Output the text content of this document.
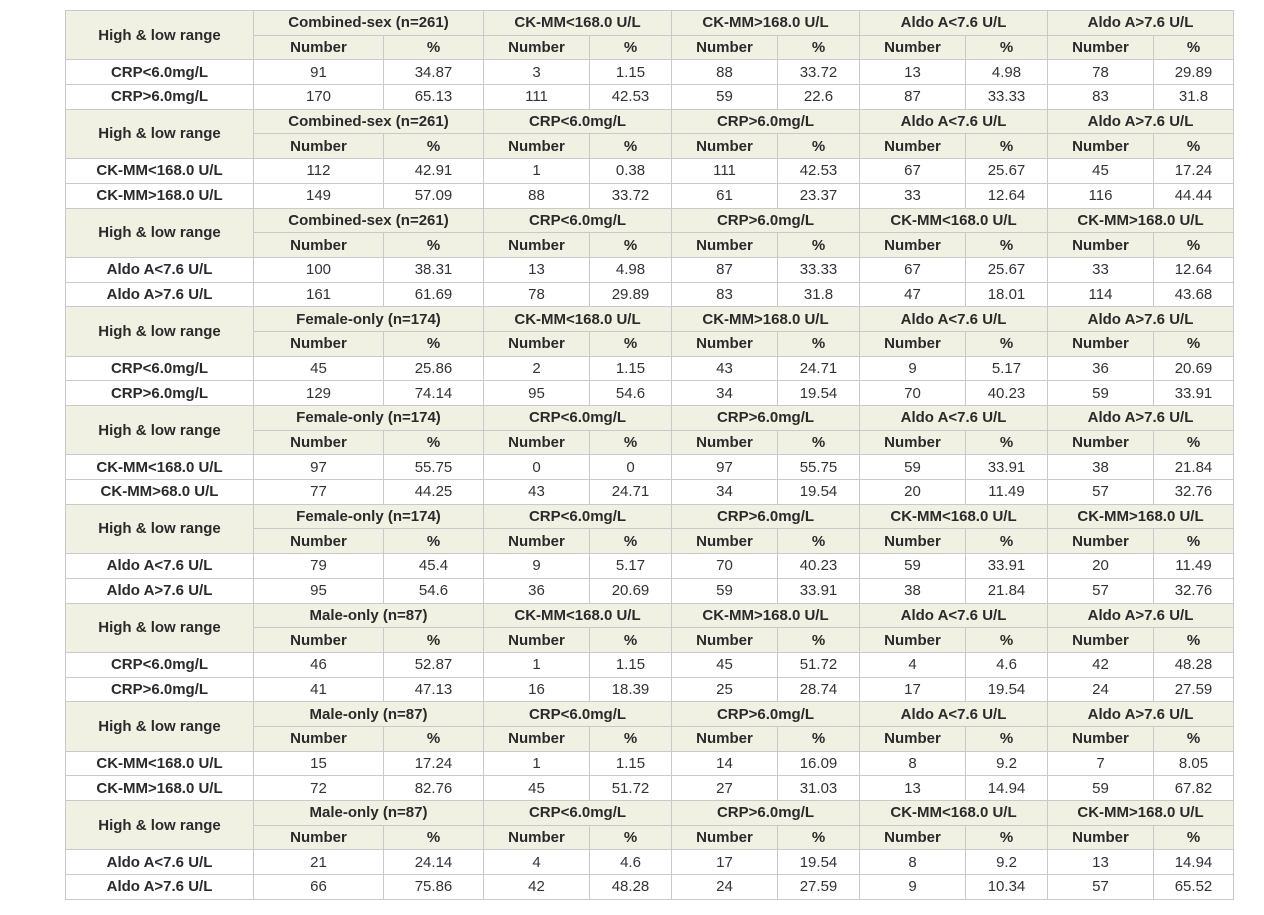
High & low range	Combined-sex (n=261)		CK-MM<168.0 U/L		CK-MM>168.0 U/L		Aldo A<7.6 U/L		Aldo A>7.6 U/L	
	Number	%	Number	%	Number	%	Number	%	Number	%
CRP<6.0mg/L	91	34.87	3	1.15	88	33.72	13	4.98	78	29.89
CRP>6.0mg/L	170	65.13	111	42.53	59	22.6	87	33.33	83	31.8
High & low range	Combined-sex (n=261)		CRP<6.0mg/L		CRP>6.0mg/L		Aldo A<7.6 U/L		Aldo A>7.6 U/L	
	Number	%	Number	%	Number	%	Number	%	Number	%
CK-MM<168.0 U/L	112	42.91	1	0.38	111	42.53	67	25.67	45	17.24
CK-MM>168.0 U/L	149	57.09	88	33.72	61	23.37	33	12.64	116	44.44
High & low range	Combined-sex (n=261)		CRP<6.0mg/L		CRP>6.0mg/L		CK-MM<168.0 U/L		CK-MM>168.0 U/L	
	Number	%	Number	%	Number	%	Number	%	Number	%
Aldo A<7.6 U/L	100	38.31	13	4.98	87	33.33	67	25.67	33	12.64
Aldo A>7.6 U/L	161	61.69	78	29.89	83	31.8	47	18.01	114	43.68
High & low range	Female-only (n=174)		CK-MM<168.0 U/L		CK-MM>168.0 U/L		Aldo A<7.6 U/L		Aldo A>7.6 U/L	
	Number	%	Number	%	Number	%	Number	%	Number	%
CRP<6.0mg/L	45	25.86	2	1.15	43	24.71	9	5.17	36	20.69
CRP>6.0mg/L	129	74.14	95	54.6	34	19.54	70	40.23	59	33.91
High & low range	Female-only (n=174)		CRP<6.0mg/L		CRP>6.0mg/L		Aldo A<7.6 U/L		Aldo A>7.6 U/L	
	Number	%	Number	%	Number	%	Number	%	Number	%
CK-MM<168.0 U/L	97	55.75	0	0	97	55.75	59	33.91	38	21.84
CK-MM>68.0 U/L	77	44.25	43	24.71	34	19.54	20	11.49	57	32.76
High & low range	Female-only (n=174)		CRP<6.0mg/L		CRP>6.0mg/L		CK-MM<168.0 U/L		CK-MM>168.0 U/L	
	Number	%	Number	%	Number	%	Number	%	Number	%
Aldo A<7.6 U/L	79	45.4	9	5.17	70	40.23	59	33.91	20	11.49
Aldo A>7.6 U/L	95	54.6	36	20.69	59	33.91	38	21.84	57	32.76
High & low range	Male-only (n=87)		CK-MM<168.0 U/L		CK-MM>168.0 U/L		Aldo A<7.6 U/L		Aldo A>7.6 U/L	
	Number	%	Number	%	Number	%	Number	%	Number	%
CRP<6.0mg/L	46	52.87	1	1.15	45	51.72	4	4.6	42	48.28
CRP>6.0mg/L	41	47.13	16	18.39	25	28.74	17	19.54	24	27.59
High & low range	Male-only (n=87)		CRP<6.0mg/L		CRP>6.0mg/L		Aldo A<7.6 U/L		Aldo A>7.6 U/L	
	Number	%	Number	%	Number	%	Number	%	Number	%
CK-MM<168.0 U/L	15	17.24	1	1.15	14	16.09	8	9.2	7	8.05
CK-MM>168.0 U/L	72	82.76	45	51.72	27	31.03	13	14.94	59	67.82
High & low range	Male-only (n=87)		CRP<6.0mg/L		CRP>6.0mg/L		CK-MM<168.0 U/L		CK-MM>168.0 U/L	
	Number	%	Number	%	Number	%	Number	%	Number	%
Aldo A<7.6 U/L	21	24.14	4	4.6	17	19.54	8	9.2	13	14.94
Aldo A>7.6 U/L	66	75.86	42	48.28	24	27.59	9	10.34	57	65.52
